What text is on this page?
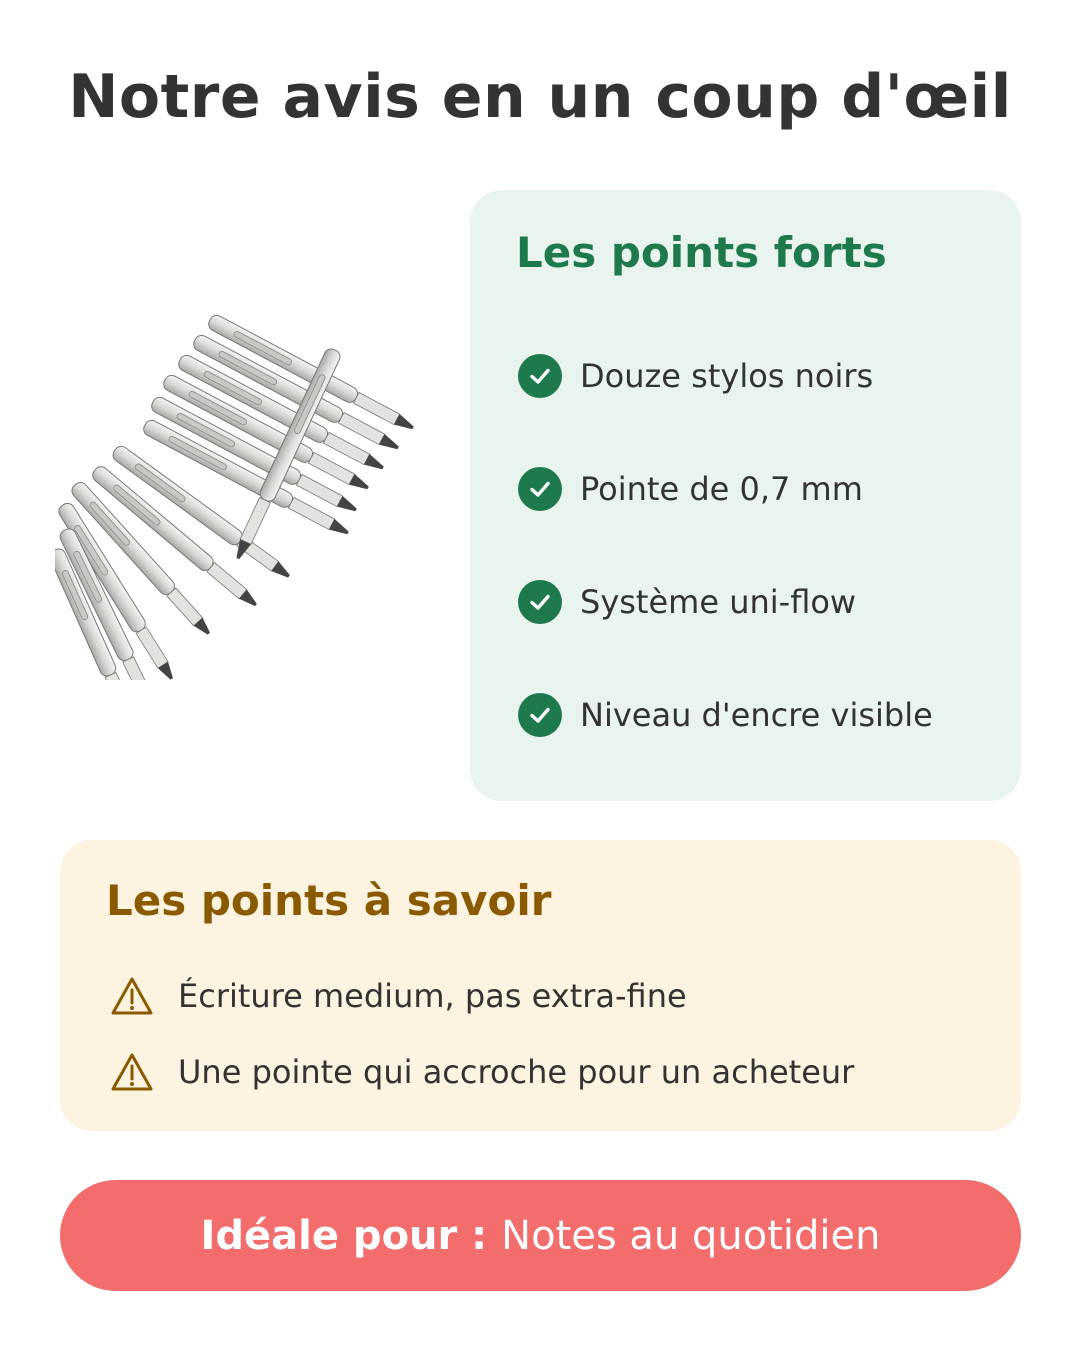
Notre avis en un coup d'œil
Les points forts
Douze stylos noirs
Pointe de 0,7 mm
Système uni-flow
Niveau d'encre visible
Les points à savoir
Écriture medium, pas extra-fine
Une pointe qui accroche pour un acheteur
Idéale pour : Notes au quotidien
